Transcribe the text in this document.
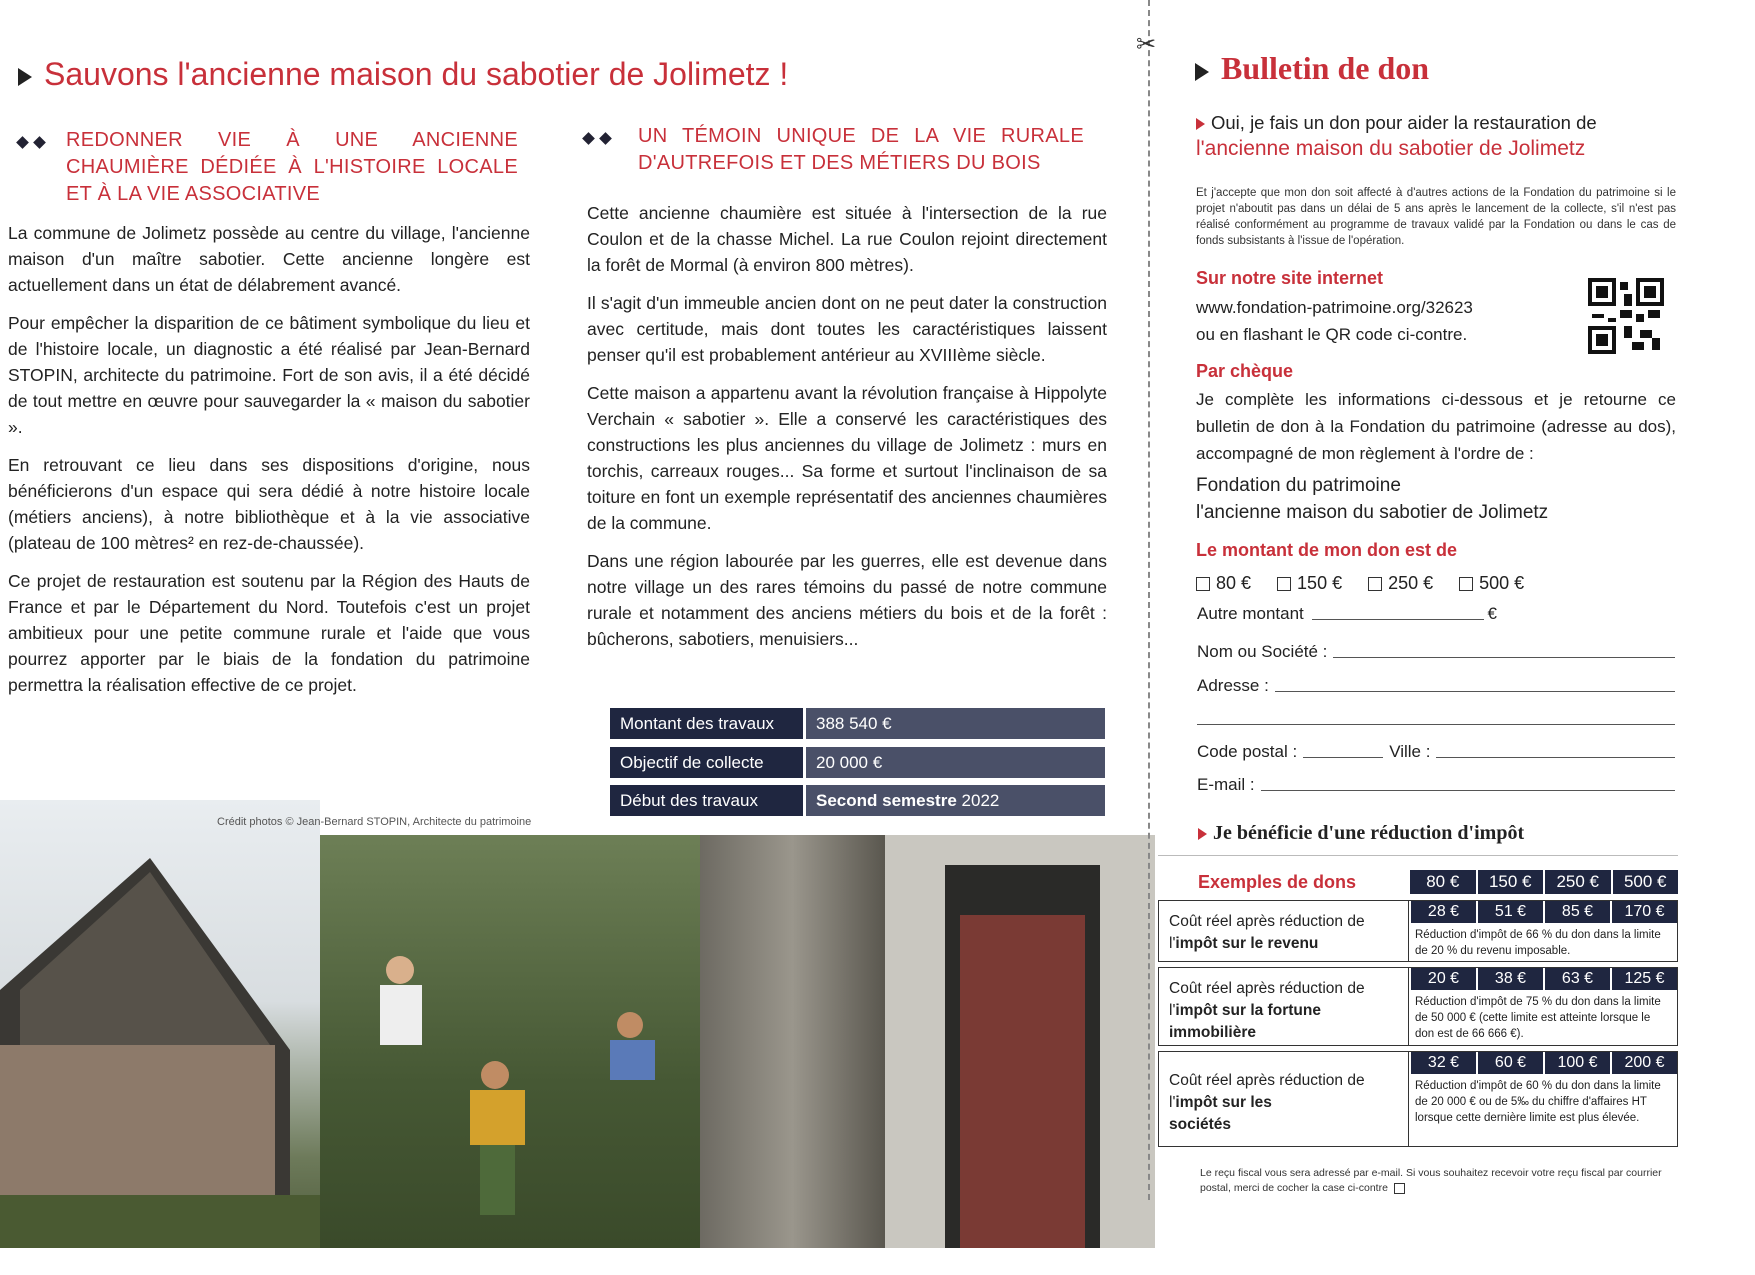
Sauvons l'ancienne maison du sabotier de Jolimetz !
REDONNER VIE À UNE ANCIENNE CHAUMIÈRE DÉDIÉE À L'HISTOIRE LOCALE ET À LA VIE ASSOCIATIVE

La commune de Jolimetz possède au centre du village, l'ancienne maison d'un maître sabotier. Cette ancienne longère est actuellement dans un état de délabrement avancé.

Pour empêcher la disparition de ce bâtiment symbolique du lieu et de l'histoire locale, un diagnostic a été réalisé par Jean-Bernard STOPIN, architecte du patrimoine. Fort de son avis, il a été décidé de tout mettre en œuvre pour sauvegarder la « maison du sabotier ».

En retrouvant ce lieu dans ses dispositions d'origine, nous bénéficierons d'un espace qui sera dédié à notre histoire locale (métiers anciens), à notre bibliothèque et à la vie associative (plateau de 100 mètres² en rez-de-chaussée).

Ce projet de restauration est soutenu par la Région des Hauts de France et par le Département du Nord. Toutefois c'est un projet ambitieux pour une petite commune rurale et l'aide que vous pourrez apporter par le biais de la fondation du patrimoine permettra la réalisation effective de ce projet.

UN TÉMOIN UNIQUE DE LA VIE RURALE D'AUTREFOIS ET DES MÉTIERS DU BOIS

Cette ancienne chaumière est située à l'intersection de la rue Coulon et de la chasse Michel. La rue Coulon rejoint directement la forêt de Mormal (à environ 800 mètres).

Il s'agit d'un immeuble ancien dont on ne peut dater la construction avec certitude, mais dont toutes les caractéristiques laissent penser qu'il est probablement antérieur au XVIIIème siècle.

Cette maison a appartenu avant la révolution française à Hippolyte Verchain « sabotier ». Elle a conservé les caractéristiques des constructions les plus anciennes du village de Jolimetz : murs en torchis, carreaux rouges... Sa forme et surtout l'inclinaison de sa toiture en font un exemple représentatif des anciennes chaumières de la commune.

Dans une région labourée par les guerres, elle est devenue dans notre village un des rares témoins du passé de notre commune rurale et notamment des anciens métiers du bois et de la forêt : bûcherons, sabotiers, menuisiers...

Montant des travaux	388 540 €
Objectif de collecte	20 000 €
Début des travaux	Second semestre 2022
Crédit photos © Jean-Bernard STOPIN, Architecte du patrimoine
✂
Bulletin de don
Oui, je fais un don pour aider la restauration de
l'ancienne maison du sabotier de Jolimetz
Et j'accepte que mon don soit affecté à d'autres actions de la Fondation du patrimoine si le projet n'aboutit pas dans un délai de 5 ans après le lancement de la collecte, s'il n'est pas réalisé conformément au programme de travaux validé par la Fondation ou dans le cas de fonds subsistants à l'issue de l'opération.
Sur notre site internet
www.fondation-patrimoine.org/32623
ou en flashant le QR code ci-contre.
Par chèque
Je complète les informations ci-dessous et je retourne ce bulletin de don à la Fondation du patrimoine (adresse au dos), accompagné de mon règlement à l'ordre de :
Fondation du patrimoine
l'ancienne maison du sabotier de Jolimetz
Le montant de mon don est de
80 €	150 €	250 €	500 €
Autre montant	€
Nom ou Société :
Adresse :
Code postal :	Ville :
E-mail :
Je bénéficie d'une réduction d'impôt
Exemples de dons	80 €	150 €	250 €	500 €
Coût réel après réduction de l'impôt sur le revenu
28 €	51 €	85 €	170 €
Réduction d'impôt de 66 % du don dans la limite de 20 % du revenu imposable.
Coût réel après réduction de l'impôt sur la fortune
immobilière
20 €	38 €	63 €	125 €
Réduction d'impôt de 75 % du don dans la limite de 50 000 € (cette limite est atteinte lorsque le don est de 66 666 €).
Coût réel après réduction de l'impôt sur les
sociétés
32 €	60 €	100 €	200 €
Réduction d'impôt de 60 % du don dans la limite de 20 000 € ou de 5‰ du chiffre d'affaires HT lorsque cette dernière limite est plus élevée.
Le reçu fiscal vous sera adressé par e-mail. Si vous souhaitez recevoir votre reçu fiscal par courrier postal, merci de cocher la case ci-contre
